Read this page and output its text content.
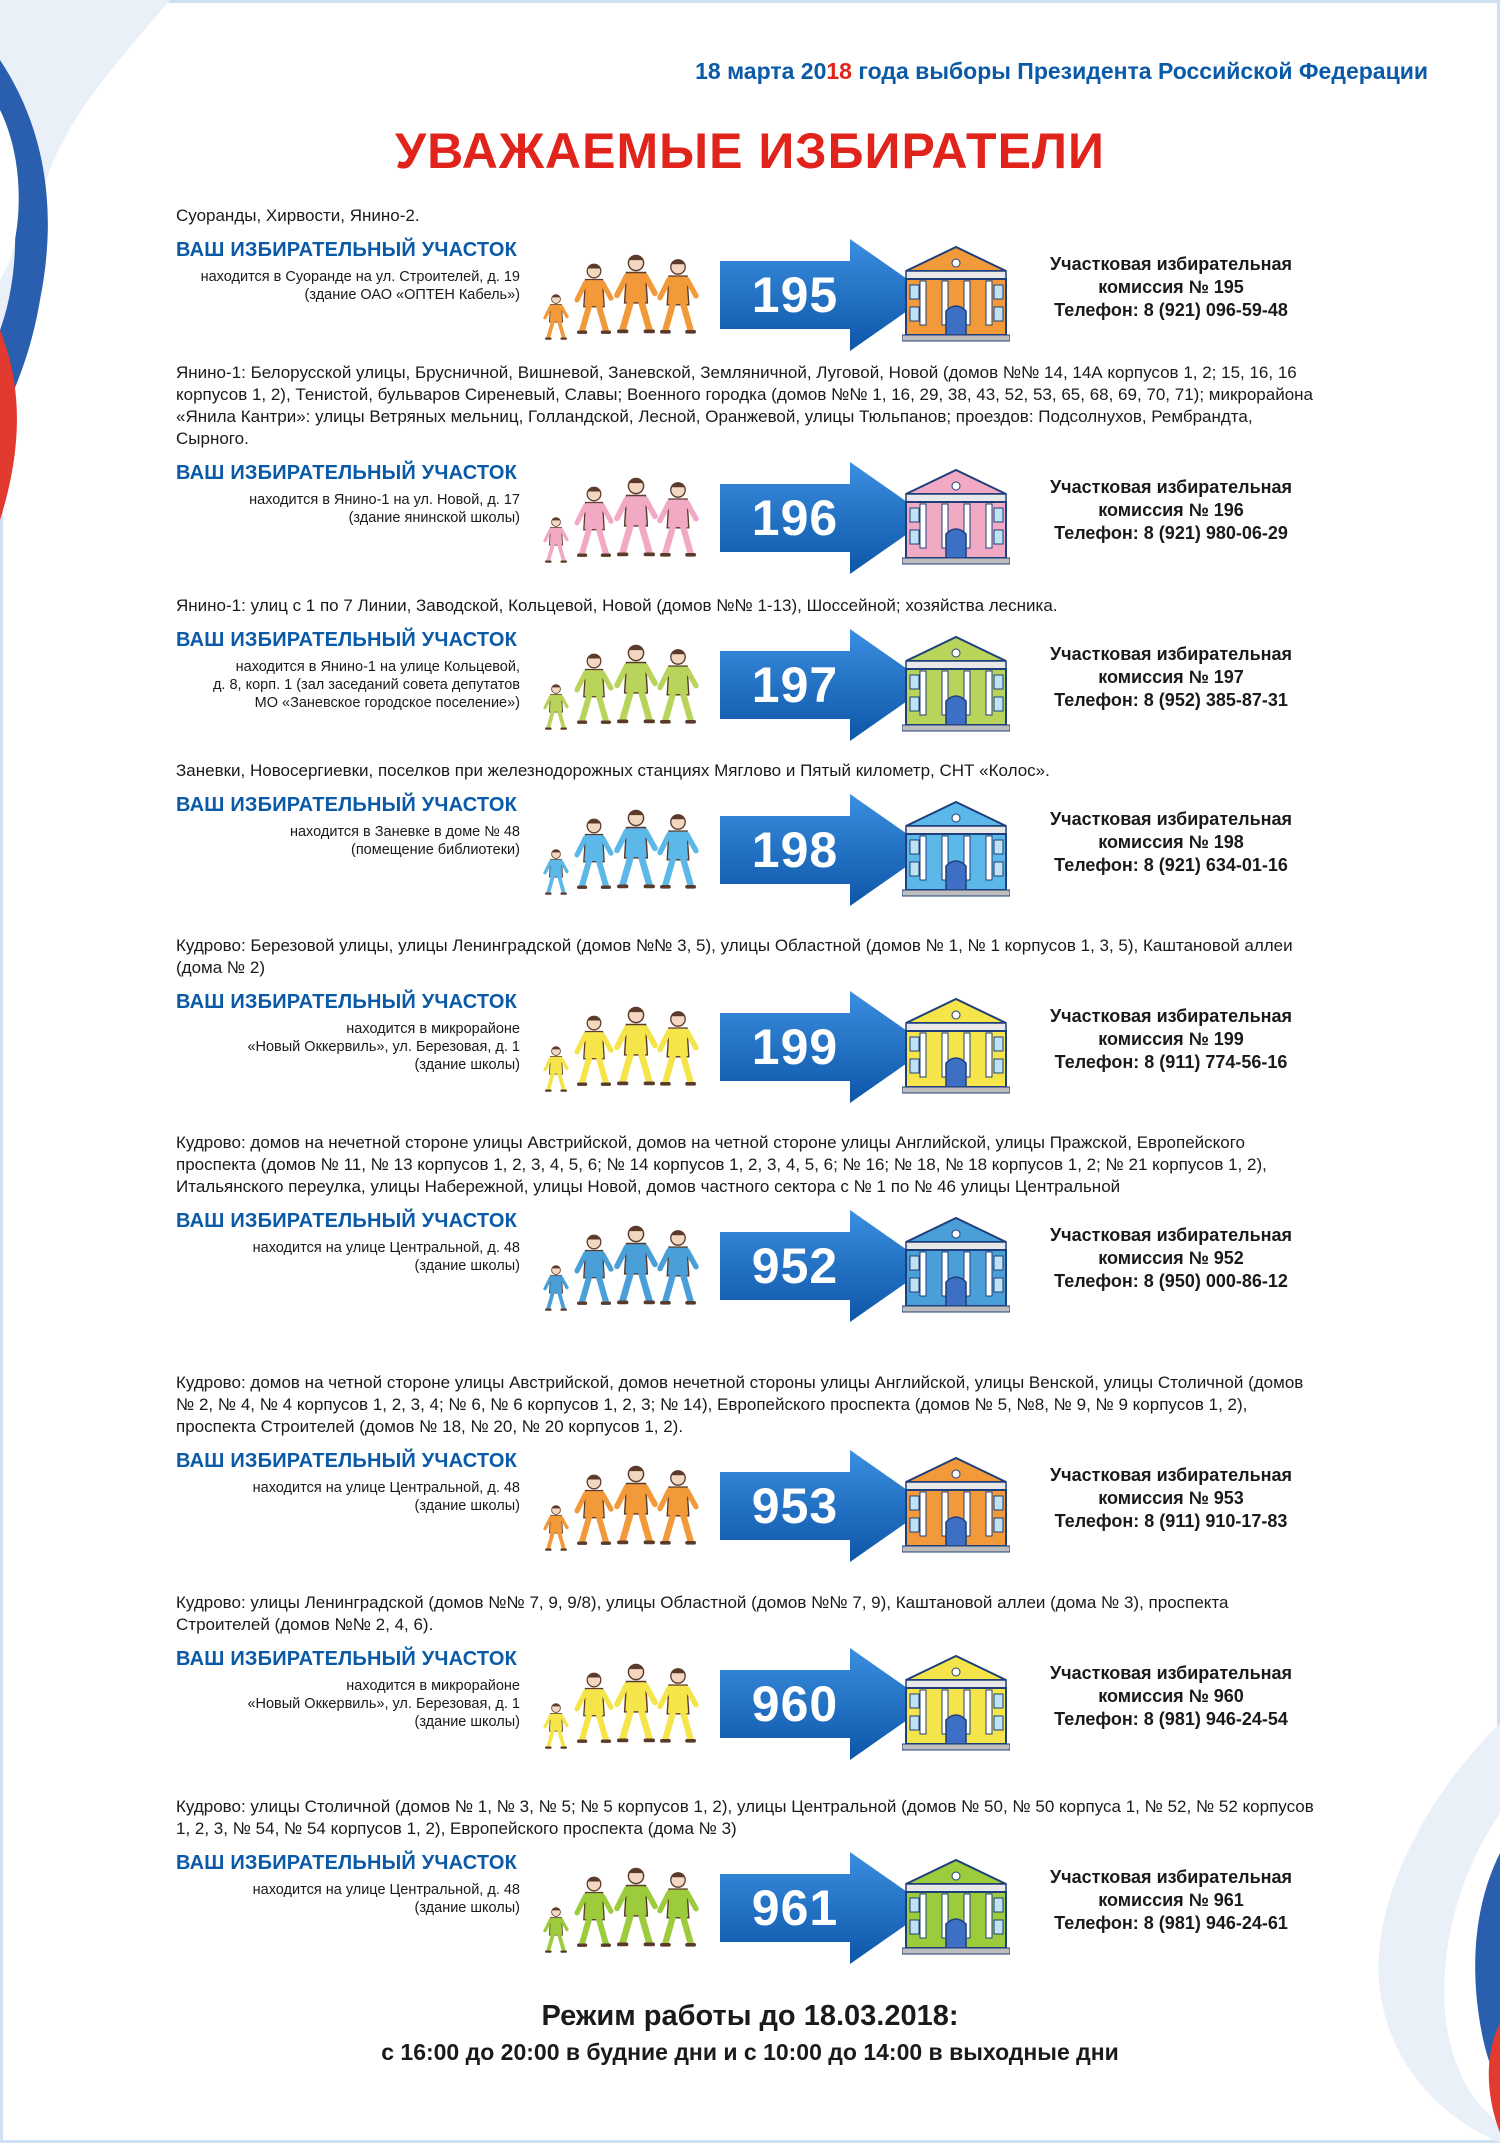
18 марта 2018 года выборы Президента Российской Федерации
УВАЖАЕМЫЕ ИЗБИРАТЕЛИ

Суоранды, Хирвости, Янино-2.

ВАШ ИЗБИРАТЕЛЬНЫЙ УЧАСТОК
находится в Суоранде на ул. Строителей, д. 19
(здание ОАО «ОПТЕН Кабель»)	195
Участковая избирательная
комиссия № 195
Телефон: 8 (921) 096-59-48

Янино-1: Белорусской улицы, Брусничной, Вишневой, Заневской, Земляничной, Луговой, Новой (домов №№ 14, 14А корпусов 1, 2; 15, 16, 16 корпусов 1, 2), Тенистой, бульваров Сиреневый, Славы; Военного городка (домов №№ 1, 16, 29, 38, 43, 52, 53, 65, 68, 69, 70, 71); микрорайона «Янила Кантри»: улицы Ветряных мельниц, Голландской, Лесной, Оранжевой, улицы Тюльпанов; проездов: Подсолнухов, Рембрандта, Сырного.

ВАШ ИЗБИРАТЕЛЬНЫЙ УЧАСТОК
находится в Янино-1 на ул. Новой, д. 17
(здание янинской школы)	196
Участковая избирательная
комиссия № 196
Телефон: 8 (921) 980-06-29

Янино-1: улиц с 1 по 7 Линии, Заводской, Кольцевой, Новой (домов №№ 1-13), Шоссейной; хозяйства лесника.

ВАШ ИЗБИРАТЕЛЬНЫЙ УЧАСТОК
находится в Янино-1 на улице Кольцевой,
д. 8, корп. 1 (зал заседаний совета депутатов
МО «Заневское городское поселение»)	197
Участковая избирательная
комиссия № 197
Телефон: 8 (952) 385-87-31

Заневки, Новосергиевки, поселков при железнодорожных станциях Мяглово и Пятый километр, СНТ «Колос».

ВАШ ИЗБИРАТЕЛЬНЫЙ УЧАСТОК
находится в Заневке в доме № 48
(помещение библиотеки)	198
Участковая избирательная
комиссия № 198
Телефон: 8 (921) 634-01-16

Кудрово: Березовой улицы, улицы Ленинградской (домов №№ 3, 5), улицы Областной (домов № 1, № 1 корпусов 1, 3, 5), Каштановой аллеи (дома № 2)

ВАШ ИЗБИРАТЕЛЬНЫЙ УЧАСТОК
находится в микрорайоне
«Новый Оккервиль», ул. Березовая, д. 1
(здание школы)	199
Участковая избирательная
комиссия № 199
Телефон: 8 (911) 774-56-16

Кудрово: домов на нечетной стороне улицы Австрийской, домов на четной стороне улицы Английской, улицы Пражской, Европейского проспекта (домов № 11, № 13 корпусов 1, 2, 3, 4, 5, 6; № 14 корпусов 1, 2, 3, 4, 5, 6; № 16; № 18, № 18 корпусов 1, 2; № 21 корпусов 1, 2), Итальянского переулка, улицы Набережной, улицы Новой, домов частного сектора с № 1 по № 46 улицы Центральной

ВАШ ИЗБИРАТЕЛЬНЫЙ УЧАСТОК
находится на улице Центральной, д. 48
(здание школы)	952
Участковая избирательная
комиссия № 952
Телефон: 8 (950) 000-86-12

Кудрово: домов на четной стороне улицы Австрийской, домов нечетной стороны улицы Английской, улицы Венской, улицы Столичной (домов № 2, № 4, № 4 корпусов 1, 2, 3, 4; № 6, № 6 корпусов 1, 2, 3; № 14), Европейского проспекта (домов № 5, №8, № 9, № 9 корпусов 1, 2), проспекта Строителей (домов № 18, № 20, № 20 корпусов 1, 2).

ВАШ ИЗБИРАТЕЛЬНЫЙ УЧАСТОК
находится на улице Центральной, д. 48
(здание школы)	953
Участковая избирательная
комиссия № 953
Телефон: 8 (911) 910-17-83

Кудрово: улицы Ленинградской (домов №№ 7, 9, 9/8), улицы Областной (домов №№ 7, 9), Каштановой аллеи (дома № 3), проспекта Строителей (домов №№ 2, 4, 6).

ВАШ ИЗБИРАТЕЛЬНЫЙ УЧАСТОК
находится в микрорайоне
«Новый Оккервиль», ул. Березовая, д. 1
(здание школы)	960
Участковая избирательная
комиссия № 960
Телефон: 8 (981) 946-24-54

Кудрово: улицы Столичной (домов № 1, № 3, № 5; № 5 корпусов 1, 2), улицы Центральной (домов № 50, № 50 корпуса 1, № 52, № 52 корпусов 1, 2, 3, № 54, № 54 корпусов 1, 2), Европейского проспекта (дома № 3)

ВАШ ИЗБИРАТЕЛЬНЫЙ УЧАСТОК
находится на улице Центральной, д. 48
(здание школы)	961
Участковая избирательная
комиссия № 961
Телефон: 8 (981) 946-24-61
Режим работы до 18.03.2018:
с 16:00 до 20:00 в будние дни и с 10:00 до 14:00 в выходные дни
